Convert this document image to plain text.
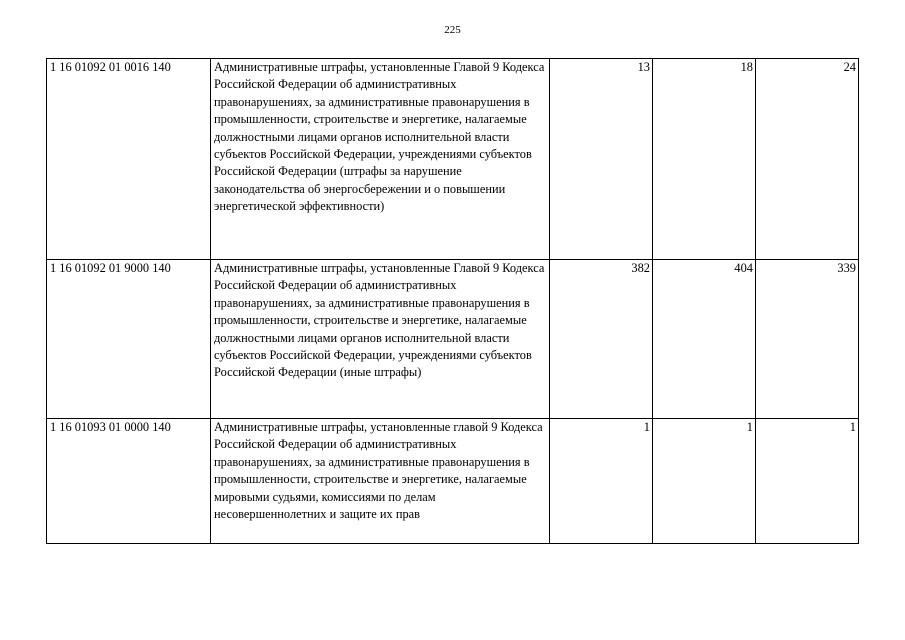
225
1 16 01092 01 0016 140	Административные штрафы, установленные Главой 9 Кодекса Российской Федерации об административных правонарушениях, за административные правонарушения в промышленности, строительстве и энергетике, налагаемые должностными лицами органов исполнительной власти субъектов Российской Федерации, учреждениями субъектов Российской Федерации (штрафы за нарушение законодательства об энергосбережении и о повышении энергетической эффективности)	13	18	24
1 16 01092 01 9000 140	Административные штрафы, установленные Главой 9 Кодекса Российской Федерации об административных правонарушениях, за административные правонарушения в промышленности, строительстве и энергетике, налагаемые должностными лицами органов исполнительной власти субъектов Российской Федерации, учреждениями субъектов Российской Федерации (иные штрафы)	382	404	339
1 16 01093 01 0000 140	Административные штрафы, установленные главой 9 Кодекса Российской Федерации об административных правонарушениях, за административные правонарушения в промышленности, строительстве и энергетике, налагаемые мировыми судьями, комиссиями по делам несовершеннолетних и защите их прав	1	1	1
